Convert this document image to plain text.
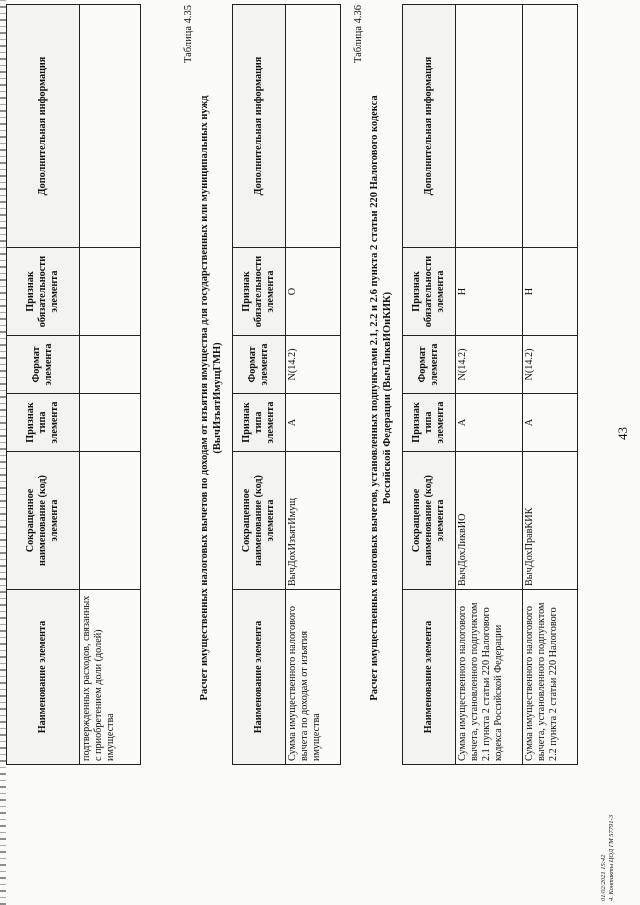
43
Наименование элемента	Сокращенное наименование (код) элемента	Признак типа элемента	Формат элемента	Признак обязательности элемента	Дополнительная информация
подтвержденных расходов, связанных с приобретением доли (долей) имущества					
Таблица 4.35
Расчет имущественных налоговых вычетов по доходам от изъятия имущества для государственных или муниципальных нужд (ВычИзъятИмущГМН)
Наименование элемента	Сокращенное наименование (код) элемента	Признак типа элемента	Формат элемента	Признак обязательности элемента	Дополнительная информация
Сумма имущественного налогового вычета по доходам от изъятия имущества	ВычДохИзъятИмущ	А	N(14.2)	О	
Таблица 4.36
Расчет имущественных налоговых вычетов, установленных подпунктами 2.1, 2.2 и 2.6 пункта 2 статьи 220 Налогового кодекса Российской Федерации (ВычЛиквИОиКИК)
Наименование элемента	Сокращенное наименование (код) элемента	Признак типа элемента	Формат элемента	Признак обязательности элемента	Дополнительная информация
Сумма имущественного налогового вычета, установленного подпунктом 2.1 пункта 2 статьи 220 Налогового кодекса Российской Федерации	ВычДохЛиквИО	А	N(14.2)	Н	
Сумма имущественного налогового вычета, установленного подпунктом 2.2 пункта 2 статьи 220 Налогового	ВычДохПравКИК	А	N(14.2)	Н	
01/02/2021 15:42 4. Контакты ЦОД ГМ 57791-3
